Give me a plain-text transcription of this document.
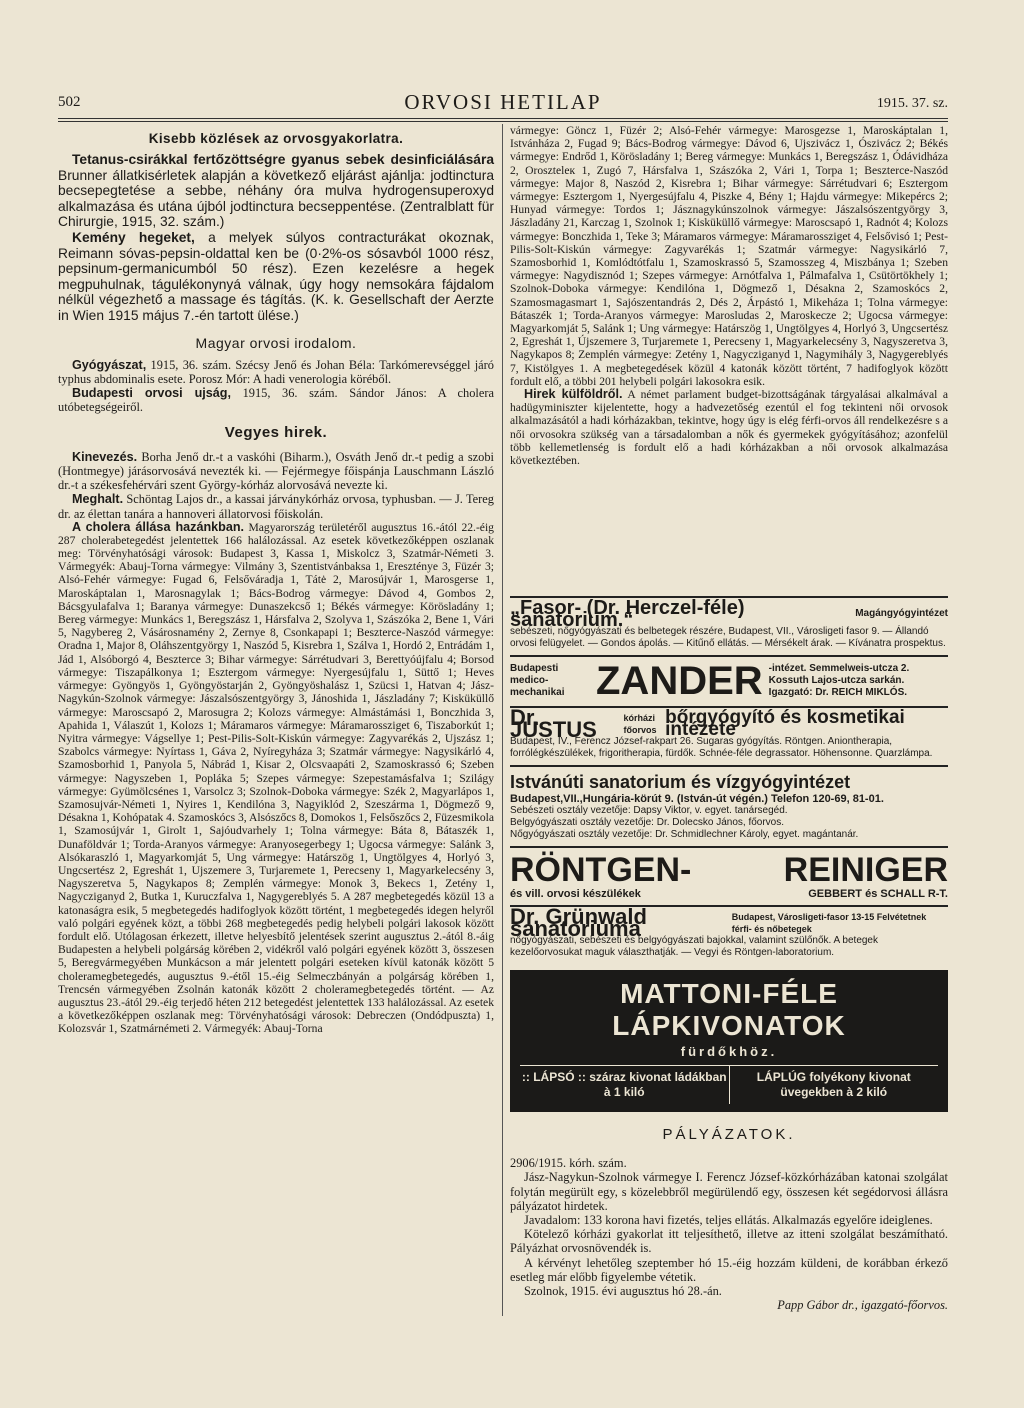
502	ORVOSI HETILAP	1915. 37. sz.
Kisebb közlések az orvosgyakorlatra.

Tetanus-csirákkal fertőzöttségre gyanus sebek desinficiálására Brunner állatkisérletek alapján a következő eljárást ajánlja: jodtinctura becsepegtetése a sebbe, néhány óra mulva hydrogensuperoxyd alkalmazása és utána újból jodtinctura becseppentése. (Zentralblatt für Chirurgie, 1915, 32. szám.)

Kemény hegeket, a melyek súlyos contracturákat okoznak, Reimann sóvas-pepsin-oldattal ken be (0·2%-os sósavból 1000 rész, pepsinum-germanicumból 50 rész). Ezen kezelésre a hegek megpuhulnak, tágulékonynyá válnak, úgy hogy nemsokára fájdalom nélkül végezhető a massage és tágítás. (K. k. Gesellschaft der Aerzte in Wien 1915 május 7.-én tartott ülése.)

Magyar orvosi irodalom.

Gyógyászat, 1915, 36. szám. Szécsy Jenő és Johan Béla: Tarkómerevséggel járó typhus abdominalis esete. Porosz Mór: A hadi venerologia köréből.

Budapesti orvosi ujság, 1915, 36. szám. Sándor János: A cholera utóbetegségeiről.

Vegyes hirek.

Kinevezés. Borha Jenő dr.-t a vaskóhi (Biharm.), Osváth Jenő dr.-t pedig a szobi (Hontmegye) járásorvosává nevezték ki. — Fejérmegye főispánja Lauschmann László dr.-t a székesfehérvári szent György-kórház alorvosává nevezte ki.

Meghalt. Schöntag Lajos dr., a kassai járványkórház orvosa, typhusban. — J. Tereg dr. az élettan tanára a hannoveri állatorvosi főiskolán.

A cholera állása hazánkban. Magyarország területéről augusztus 16.-ától 22.-éig 287 cholerabetegedést jelentettek 166 halálozással. Az esetek következőképpen oszlanak meg: Törvényhatósági városok: Budapest 3, Kassa 1, Miskolcz 3, Szatmár-Németi 3. Vármegyék: Abauj-Torna vármegye: Vilmány 3, Szentistvánbaksa 1, Ereszténye 3, Füzér 3; Alsó-Fehér vármegye: Fugad 6, Felsőváradja 1, Tátė 2, Marosújvár 1, Marosgerse 1, Maroskáptalan 1, Marosnagylak 1; Bács-Bodrog vármegye: Dávod 4, Gombos 2, Bácsgyulafalva 1; Baranya vármegye: Dunaszekcső 1; Békés vármegye: Körösladány 1; Bereg vármegye: Munkács 1, Beregszász 1, Hársfalva 2, Szolyva 1, Szászóka 2, Bene 1, Vári 5, Nagybereg 2, Vásárosnamény 2, Zernye 8, Csonkapapi 1; Beszterce-Naszód vármegye: Oradna 1, Major 8, Oláhszentgyörgy 1, Naszód 5, Kisrebra 1, Szálva 1, Hordó 2, Entrádám 1, Jád 1, Alsóborgó 4, Beszterce 3; Bihar vármegye: Sárrétudvari 3, Berettyóújfalu 4; Borsod vármegye: Tiszapálkonya 1; Esztergom vármegye: Nyergesújfalu 1, Süttő 1; Heves vármegye: Gyöngyös 1, Gyöngyöstarján 2, Gyöngyöshalász 1, Szücsi 1, Hatvan 4; Jász-Nagykún-Szolnok vármegye: Jászalsószentgyörgy 3, Jánoshida 1, Jászladány 7; Kisküküllő vármegye: Maroscsapó 2, Marosugra 2; Kolozs vármegye: Almástámási 1, Bonczhida 3, Apahida 1, Válaszút 1, Kolozs 1; Máramaros vármegye: Máramarossziget 6, Tiszaborkút 1; Nyitra vármegye: Vágsellye 1; Pest-Pilis-Solt-Kiskún vármegye: Zagyvarékás 2, Ujszász 1; Szabolcs vármegye: Nyírtass 1, Gáva 2, Nyíregyháza 3; Szatmár vármegye: Nagysikárló 4, Szamosborhid 1, Panyola 5, Nábrád 1, Kisar 2, Olcsvaapáti 2, Szamoskrassó 6; Szeben vármegye: Nagyszeben 1, Popláka 5; Szepes vármegye: Szepestamásfalva 1; Szilágy vármegye: Gyümölcsénes 1, Varsolcz 3; Szolnok-Doboka vármegye: Szék 2, Magyarlápos 1, Szamosujvár-Németi 1, Nyires 1, Kendilóna 3, Nagyiklód 2, Szeszárma 1, Dögmező 9, Désakna 1, Kohópatak 4. Szamoskócs 3, Alsószőcs 8, Domokos 1, Felsőszőcs 2, Füzesmikola 1, Szamosújvár 1, Girolt 1, Sajóudvarhely 1; Tolna vármegye: Báta 8, Bátaszék 1, Dunaföldvár 1; Torda-Aranyos vármegye: Aranyosegerbegy 1; Ugocsa vármegye: Salánk 3, Alsókaraszló 1, Magyarkomját 5, Ung vármegye: Határszög 1, Ungtölgyes 4, Horlyó 3, Ungcsertész 2, Egreshát 1, Ujszemere 3, Turjaremete 1, Perecseny 1, Magyarkelecsény 3, Nagyszeretva 5, Nagykapos 8; Zemplén vármegye: Monok 3, Bekecs 1, Zetény 1, Nagycziganyd 2, Butka 1, Kuruczfalva 1, Nagygereblyés 5. A 287 megbetegedés közül 13 a katonaságra esik, 5 megbetegedés hadifoglyok között történt, 1 megbetegedés idegen helyről való polgári egyének közt, a többi 268 megbetegedés pedig helybeli polgári lakosok között fordult elő. Utólagosan érkezett, illetve helyesbítő jelentések szerint augusztus 2.-ától 8.-áig Budapesten a helybeli polgárság körében 2, vidékről való polgári egyének között 3, összesen 5, Beregvármegyében Munkácson a már jelentett polgári eseteken kívül katonák között 5 choleramegbetegedés, augusztus 9.-étől 15.-éig Selmeczbányán a polgárság körében 1, Trencsén vármegyében Zsolnán katonák között 2 choleramegbetegedés történt. — Az augusztus 23.-ától 29.-éig terjedő héten 212 betegedést jelentettek 133 halálozással. Az esetek a következőképpen oszlanak meg: Törvényhatósági városok: Debreczen (Ondódpuszta) 1, Kolozsvár 1, Szatmárnémeti 2. Vármegyék: Abauj-Torna

vármegye: Göncz 1, Füzér 2; Alsó-Fehér vármegye: Marosgezse 1, Maroskáptalan 1, Istvánháza 2, Fugad 9; Bács-Bodrog vármegye: Dávod 6, Ujszivácz 1, Ószivácz 2; Békés vármegye: Endrőd 1, Körösladány 1; Bereg vármegye: Munkács 1, Beregszász 1, Ódávidháza 2, Oroszteleк 1, Zugó 7, Hársfalva 1, Szászóka 2, Vári 1, Torpa 1; Beszterce-Naszód vármegye: Major 8, Naszód 2, Kisrebra 1; Bihar vármegye: Sárrétudvari 6; Esztergom vármegye: Esztergom 1, Nyergesújfalu 4, Piszke 4, Bény 1; Hajdu vármegye: Mikepércs 2; Hunyad vármegye: Tordos 1; Jásznagykúnszolnok vármegye: Jászalsószentgyörgy 3, Jászladány 21, Karczag 1, Szolnok 1; Kisküküllő vármegye: Maroscsapó 1, Radnót 4; Kolozs vármegye: Bonczhida 1, Teke 3; Máramaros vármegye: Máramarossziget 4, Felsővisó 1; Pest-Pilis-Solt-Kiskún vármegye: Zagyvarékás 1; Szatmár vármegye: Nagysikárló 7, Szamosborhid 1, Komlódtótfalu 1, Szamoskrassó 5, Szamosszeg 4, Miszbánya 1; Szeben vármegye: Nagydisznód 1; Szepes vármegye: Arnótfalva 1, Pálmafalva 1, Csütörtökhely 1; Szolnok-Doboka vármegye: Kendilóna 1, Dögmező 1, Désakna 2, Szamoskócs 2, Szamosmagasmart 1, Sajószentandrás 2, Dés 2, Árpástó 1, Mikeháza 1; Tolna vármegye: Bátaszék 1; Torda-Aranyos vármegye: Marosludas 2, Maroskecze 2; Ugocsa vármegye: Magyarkomját 5, Salánk 1; Ung vármegye: Határszög 1, Ungtölgyes 4, Horlyó 3, Ungcsertész 2, Egreshát 1, Újszemere 3, Turjaremete 1, Perecseny 1, Magyarkelecsény 3, Nagyszeretva 3, Nagykapos 8; Zemplén vármegye: Zetény 1, Nagycziganyd 1, Nagymihály 3, Nagygereblyés 7, Kistölgyes 1. A megbetegedések közül 4 katonák között történt, 7 hadifoglyok között fordult elő, a többi 201 helybeli polgári lakosokra esik.

Hirek külföldről. A német parlament budget-bizottságának tárgyalásai alkalmával a hadügyminiszter kijelentette, hogy a hadvezetőség ezentúl el fog tekinteni női orvosok alkalmazásától a hadi kórházakban, tekintve, hogy úgy is elég férfi-orvos áll rendelkezésre s a női orvosokra szükség van a társadalomban a nők és gyermekek gyógyításához; azonfelül több kellemetlenség is fordult elő a hadi kórházakban a női orvosok alkalmazása következtében.

„Fasor- (Dr. Herczel-féle) sanatorium.“	Magángyógyintézet
sebészeti, nőgyógyászati és belbetegek részére, Budapest, VII., Városligeti fasor 9. — Állandó orvosi felügyelet. — Gondos ápolás. — Kitűnő ellátás. — Mérsékelt árak. — Kívánatra prospektus.
Budapesti medico-mechanikai ZANDER -intézet. Semmelweis-utcza 2. Kossuth Lajos-utcza sarkán. Igazgató: Dr. REICH MIKLÓS.
Dr. JUSTUS	kórházi főorvos
bőrgyógyító és kosmetikai intézete
Budapest, IV., Ferencz József-rakpart 26. Sugaras gyógyítás. Röntgen. Aniontherapia, forrólégkészülékek, frigoritherapia, fürdők. Schnée-féle degrassator. Höhensonne. Quarzlámpa.
Istvánúti sanatorium és vízgyógyintézet
Budapest,VII.,Hungária-körút 9. (István-út végén.) Telefon 120-69, 81-01.
Sebészeti osztály vezetője: Dapsy Viktor, v. egyet. tanársegéd.
Belgyógyászati osztály vezetője: Dr. Dolecsko János, főorvos.
Nőgyógyászati osztály vezetője: Dr. Schmidlechner Károly, egyet. magántanár.
RÖNTGEN-	REINIGER
és vill. orvosi készülékek	GEBBERT és SCHALL R-T.
Dr. Grünwald sanatoriuma	Budapest, Városligeti-fasor 13-15 Felvétetnek férfi- és nőbetegek
nőgyógyászati, sebészeti és belgyógyászati bajokkal, valamint szülőnők. A betegek kezelőorvosukat maguk választhatják. — Vegyi és Röntgen-laboratorium.
MATTONI-FÉLE LÁPKIVONATOK
fürdőkhöz.
:: LÁPSÓ :: száraz kivonat ládákban à 1 kiló
LÁPLÚG folyékony kivonat üvegekben à 2 kiló
PÁLYÁZATOK.
2906/1915. kórh. szám.

Jász-Nagykun-Szolnok vármegye I. Ferencz József-közkórházában katonai szolgálat folytán megürült egy, s közelebbről megürülendő egy, összesen két segédorvosi állásra pályázatot hirdetek.

Javadalom: 133 korona havi fizetés, teljes ellátás. Alkalmazás egyelőre ideiglenes.

Kötelező kórházi gyakorlat itt teljesíthető, illetve az itteni szolgálat beszámítható. Pályázhat orvosnövendék is.

A kérvényt lehetőleg szeptember hó 15.-éig hozzám küldeni, de korábban érkező esetleg már előbb figyelembe vétetik.

Szolnok, 1915. évi augusztus hó 28.-án.

Papp Gábor dr., igazgató-főorvos.
